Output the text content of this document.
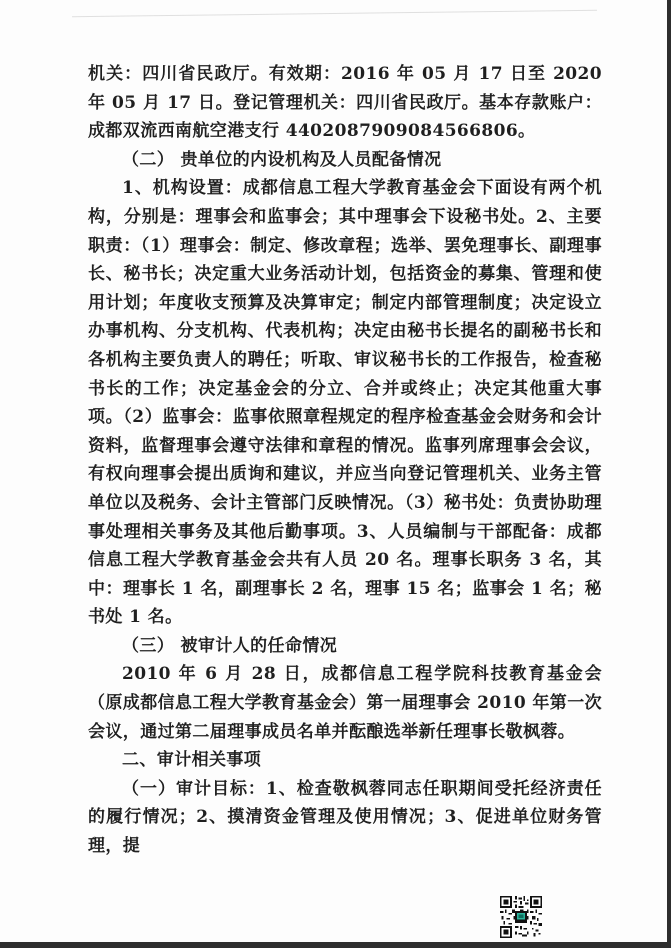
机关：四川省民政厅。有效期：2016 年 05 月 17 日至 2020 年 05 月 17 日。登记管理机关：四川省民政厅。基本存款账户：成都双流西南航空港支行 4402087909084566806。

（二） 贵单位的内设机构及人员配备情况

1、机构设置：成都信息工程大学教育基金会下面设有两个机构，分别是：理事会和监事会；其中理事会下设秘书处。2、主要职责：（1）理事会：制定、修改章程；选举、罢免理事长、副理事长、秘书长；决定重大业务活动计划，包括资金的募集、管理和使用计划；年度收支预算及决算审定；制定内部管理制度；决定设立办事机构、分支机构、代表机构；决定由秘书长提名的副秘书长和各机构主要负责人的聘任；听取、审议秘书长的工作报告，检查秘书长的工作；决定基金会的分立、合并或终止；决定其他重大事项。（2）监事会：监事依照章程规定的程序检查基金会财务和会计资料，监督理事会遵守法律和章程的情况。监事列席理事会会议，有权向理事会提出质询和建议，并应当向登记管理机关、业务主管单位以及税务、会计主管部门反映情况。（3）秘书处：负责协助理事处理相关事务及其他后勤事项。3、人员编制与干部配备：成都信息工程大学教育基金会共有人员 20 名。理事长职务 3 名，其中：理事长 1 名，副理事长 2 名，理事 15 名；监事会 1 名；秘书处 1 名。

（三） 被审计人的任命情况

2010 年 6 月 28 日，成都信息工程学院科技教育基金会（原成都信息工程大学教育基金会）第一届理事会 2010 年第一次会议，通过第二届理事成员名单并酝酿选举新任理事长敬枫蓉。

二、审计相关事项

（一）审计目标：1、检查敬枫蓉同志任职期间受托经济责任的履行情况；2、摸清资金管理及使用情况；3、促进单位财务管理，提
